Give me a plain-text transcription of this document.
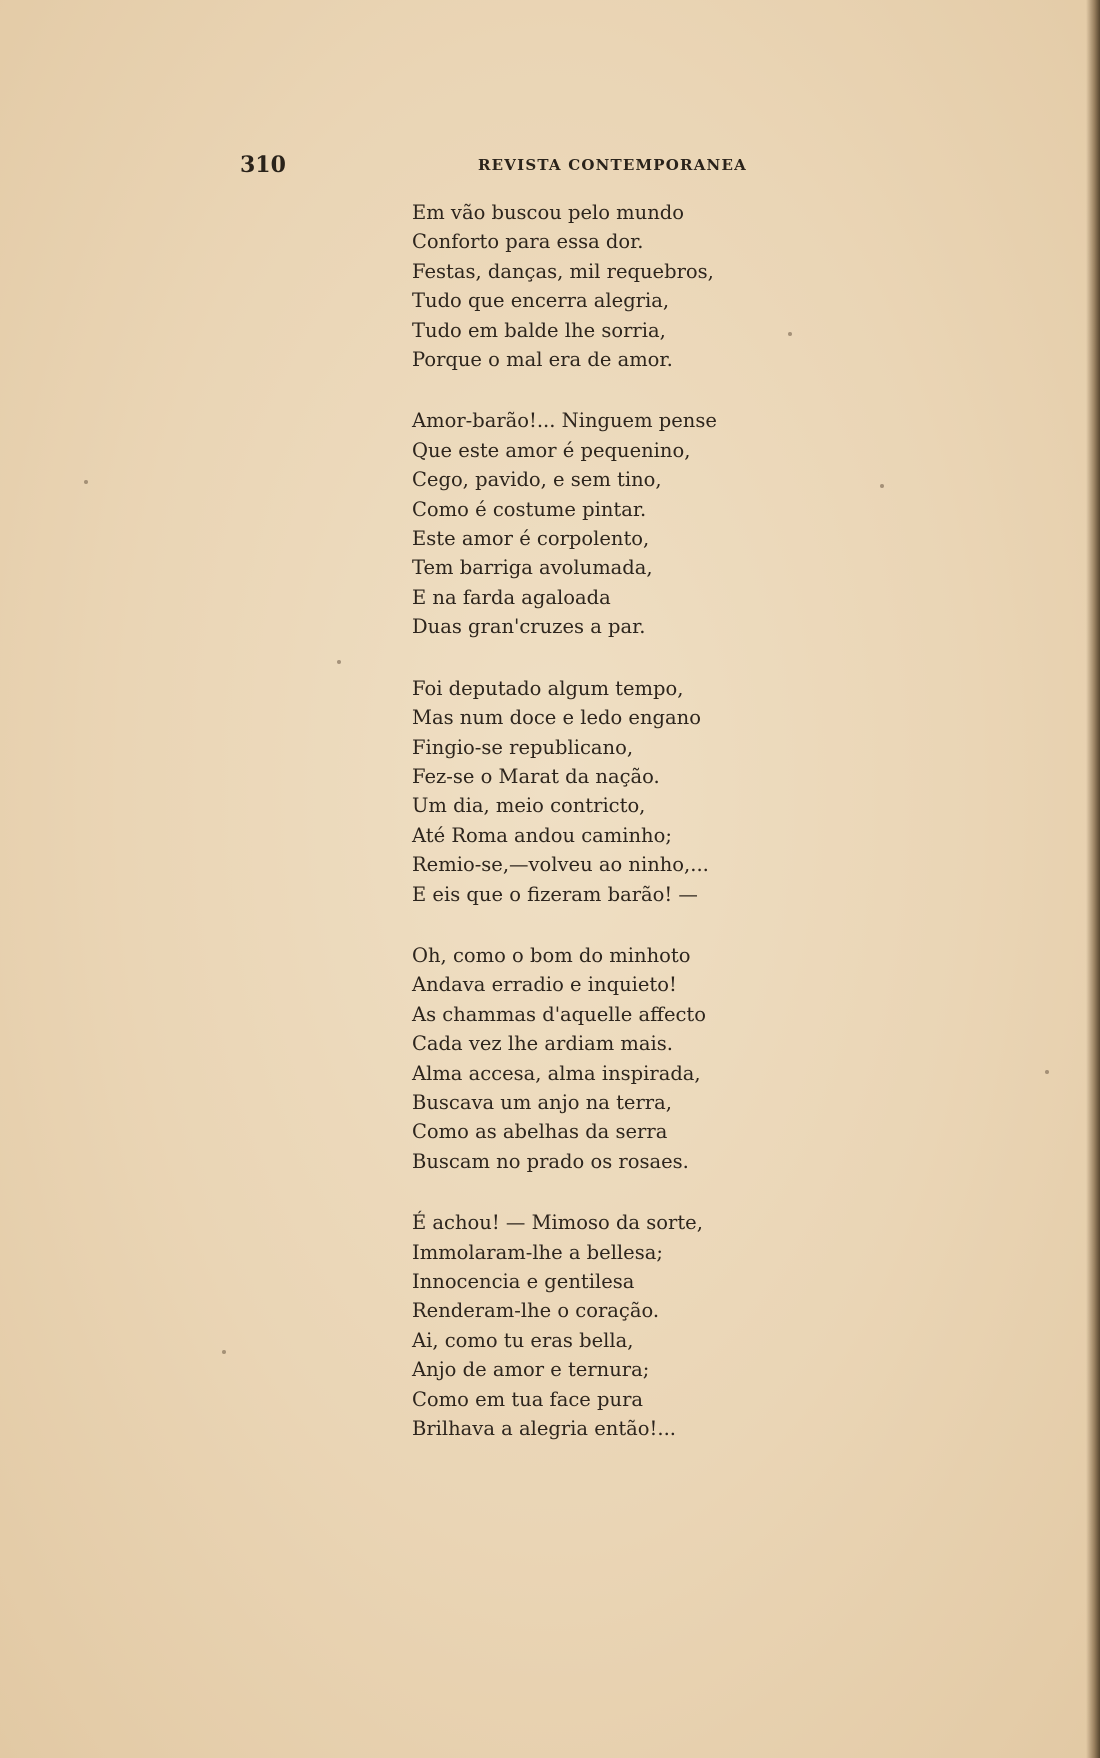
310	REVISTA CONTEMPORANEA
Em vão buscou pelo mundo
Conforto para essa dor.
Festas, danças, mil requebros,
Tudo que encerra alegria,
Tudo em balde lhe sorria,
Porque o mal era de amor.
Amor-barão!... Ninguem pense
Que este amor é pequenino,
Cego, pavido, e sem tino,
Como é costume pintar.
Este amor é corpolento,
Tem barriga avolumada,
E na farda agaloada
Duas gran'cruzes a par.
Foi deputado algum tempo,
Mas num doce e ledo engano
Fingio-se republicano,
Fez-se o Marat da nação.
Um dia, meio contricto,
Até Roma andou caminho;
Remio-se,—volveu ao ninho,...
E eis que o fizeram barão! —
Oh, como o bom do minhoto
Andava erradio e inquieto!
As chammas d'aquelle affecto
Cada vez lhe ardiam mais.
Alma accesa, alma inspirada,
Buscava um anjo na terra,
Como as abelhas da serra
Buscam no prado os rosaes.
É achou! — Mimoso da sorte,
Immolaram-lhe a bellesa;
Innocencia e gentilesa
Renderam-lhe o coração.
Ai, como tu eras bella,
Anjo de amor e ternura;
Como em tua face pura
Brilhava a alegria então!...
